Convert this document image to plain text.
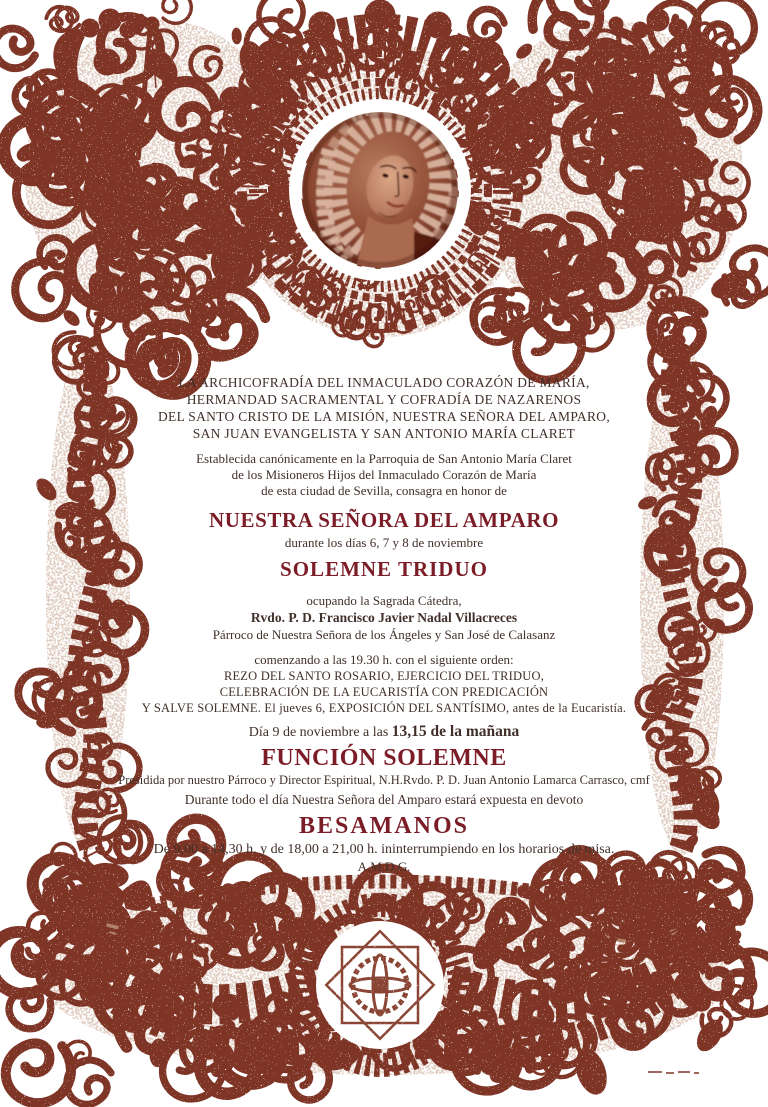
LA ARCHICOFRADÍA DEL INMACULADO CORAZÓN DE MARÍA,
HERMANDAD SACRAMENTAL Y COFRADÍA DE NAZARENOS
DEL SANTO CRISTO DE LA MISIÓN, NUESTRA SEÑORA DEL AMPARO,
SAN JUAN EVANGELISTA Y SAN ANTONIO MARÍA CLARET
Establecida canónicamente en la Parroquia de San Antonio María Claret
de los Misioneros Hijos del Inmaculado Corazón de María
de esta ciudad de Sevilla, consagra en honor de
NUESTRA SEÑORA DEL AMPARO
durante los días 6, 7 y 8 de noviembre
SOLEMNE TRIDUO
ocupando la Sagrada Cátedra,
Rvdo. P. D. Francisco Javier Nadal Villacreces
Párroco de Nuestra Señora de los Ángeles y San José de Calasanz
comenzando a las 19.30 h. con el siguiente orden:
REZO DEL SANTO ROSARIO, EJERCICIO DEL TRIDUO,
CELEBRACIÓN DE LA EUCARISTÍA CON PREDICACIÓN
Y SALVE SOLEMNE. El jueves 6, EXPOSICIÓN DEL SANTÍSIMO, antes de la Eucaristía.
Día 9 de noviembre a las 13,15 de la mañana
FUNCIÓN SOLEMNE
Presidida por nuestro Párroco y Director Espiritual, N.H.Rvdo. P. D. Juan Antonio Lamarca Carrasco, cmf
Durante todo el día Nuestra Señora del Amparo estará expuesta en devoto
BESAMANOS
De 9,00 a 14,30 h. y de 18,00 a 21,00 h. ininterrumpiendo en los horarios de misa.
A.M.D.G.
